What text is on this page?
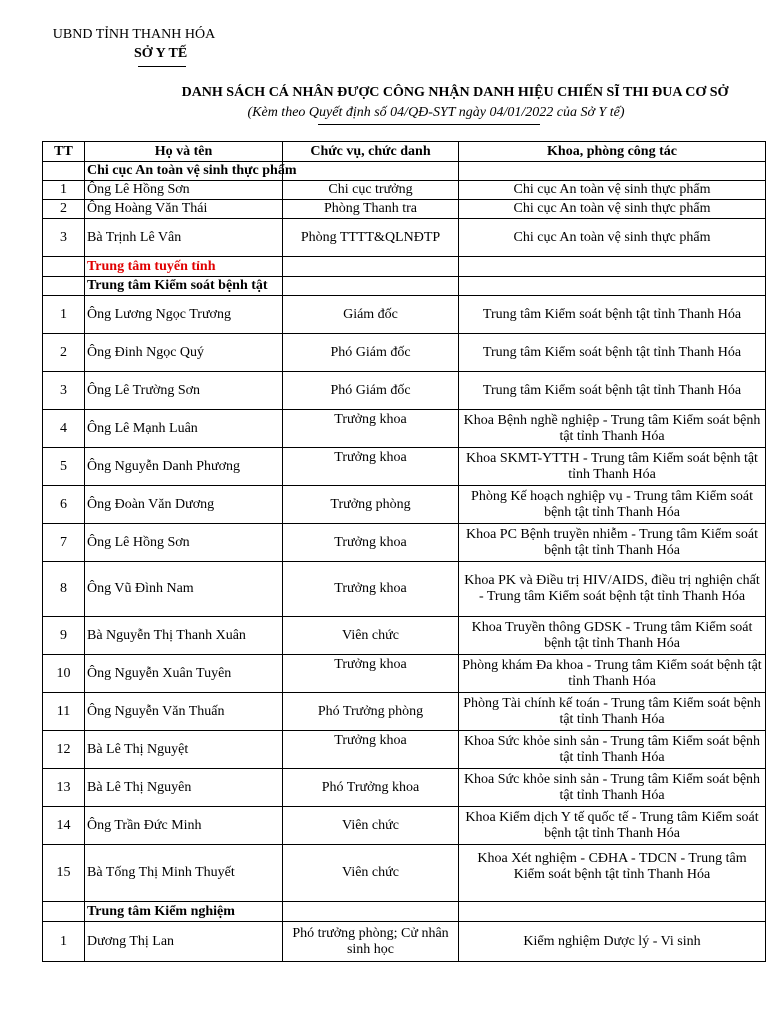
UBND TỈNH THANH HÓA
SỞ Y TẾ
DANH SÁCH CÁ NHÂN ĐƯỢC CÔNG NHẬN DANH HIỆU CHIẾN SĨ THI ĐUA CƠ SỞ
(Kèm theo Quyết định số 04/QĐ-SYT ngày 04/01/2022 của Sở Y tế)
TT	Họ và tên	Chức vụ, chức danh	Khoa, phòng công tác
	Chi cục An toàn vệ sinh thực phẩm		
1	Ông Lê Hồng Sơn	Chi cục trưởng	Chi cục An toàn vệ sinh thực phẩm
2	Ông Hoàng Văn Thái	Phòng Thanh tra	Chi cục An toàn vệ sinh thực phẩm
3	Bà Trịnh Lê Vân	Phòng TTTT&QLNĐTP	Chi cục An toàn vệ sinh thực phẩm
	Trung tâm tuyến tỉnh		
	Trung tâm Kiểm soát bệnh tật		
1	Ông Lương Ngọc Trương	Giám đốc	Trung tâm Kiểm soát bệnh tật tỉnh Thanh Hóa
2	Ông Đinh Ngọc Quý	Phó Giám đốc	Trung tâm Kiểm soát bệnh tật tỉnh Thanh Hóa
3	Ông Lê Trường Sơn	Phó Giám đốc	Trung tâm Kiểm soát bệnh tật tỉnh Thanh Hóa
4	Ông Lê Mạnh Luân	Trưởng khoa	Khoa Bệnh nghề nghiệp - Trung tâm Kiểm soát bệnh tật tỉnh Thanh Hóa
5	Ông Nguyễn Danh Phương	Trưởng khoa	Khoa SKMT-YTTH - Trung tâm Kiểm soát bệnh tật tỉnh Thanh Hóa
6	Ông Đoàn Văn Dương	Trưởng phòng	Phòng Kế hoạch nghiệp vụ - Trung tâm Kiểm soát bệnh tật tỉnh Thanh Hóa
7	Ông Lê Hồng Sơn	Trưởng khoa	Khoa PC Bệnh truyền nhiễm - Trung tâm Kiểm soát bệnh tật tỉnh Thanh Hóa
8	Ông Vũ Đình Nam	Trưởng khoa	Khoa PK và Điều trị HIV/AIDS, điều trị nghiện chất - Trung tâm Kiểm soát bệnh tật tỉnh Thanh Hóa
9	Bà Nguyễn Thị Thanh Xuân	Viên chức	Khoa Truyền thông GDSK - Trung tâm Kiểm soát bệnh tật tỉnh Thanh Hóa
10	Ông Nguyễn Xuân Tuyên	Trưởng khoa	Phòng khám Đa khoa - Trung tâm Kiểm soát bệnh tật tỉnh Thanh Hóa
11	Ông Nguyễn Văn Thuấn	Phó Trưởng phòng	Phòng Tài chính kế toán - Trung tâm Kiểm soát bệnh tật tỉnh Thanh Hóa
12	Bà Lê Thị Nguyệt	Trưởng khoa	Khoa Sức khỏe sinh sản - Trung tâm Kiểm soát bệnh tật tỉnh Thanh Hóa
13	Bà Lê Thị Nguyên	Phó Trưởng khoa	Khoa Sức khỏe sinh sản - Trung tâm Kiểm soát bệnh tật tỉnh Thanh Hóa
14	Ông Trần Đức Minh	Viên chức	Khoa Kiểm dịch Y tế quốc tế - Trung tâm Kiểm soát bệnh tật tỉnh Thanh Hóa
15	Bà Tống Thị Minh Thuyết	Viên chức	Khoa Xét nghiệm - CĐHA - TDCN - Trung tâm Kiểm soát bệnh tật tỉnh Thanh Hóa
	Trung tâm Kiểm nghiệm		
1	Dương Thị Lan	Phó trưởng phòng; Cử nhân sinh học	Kiểm nghiệm Dược lý - Vi sinh
